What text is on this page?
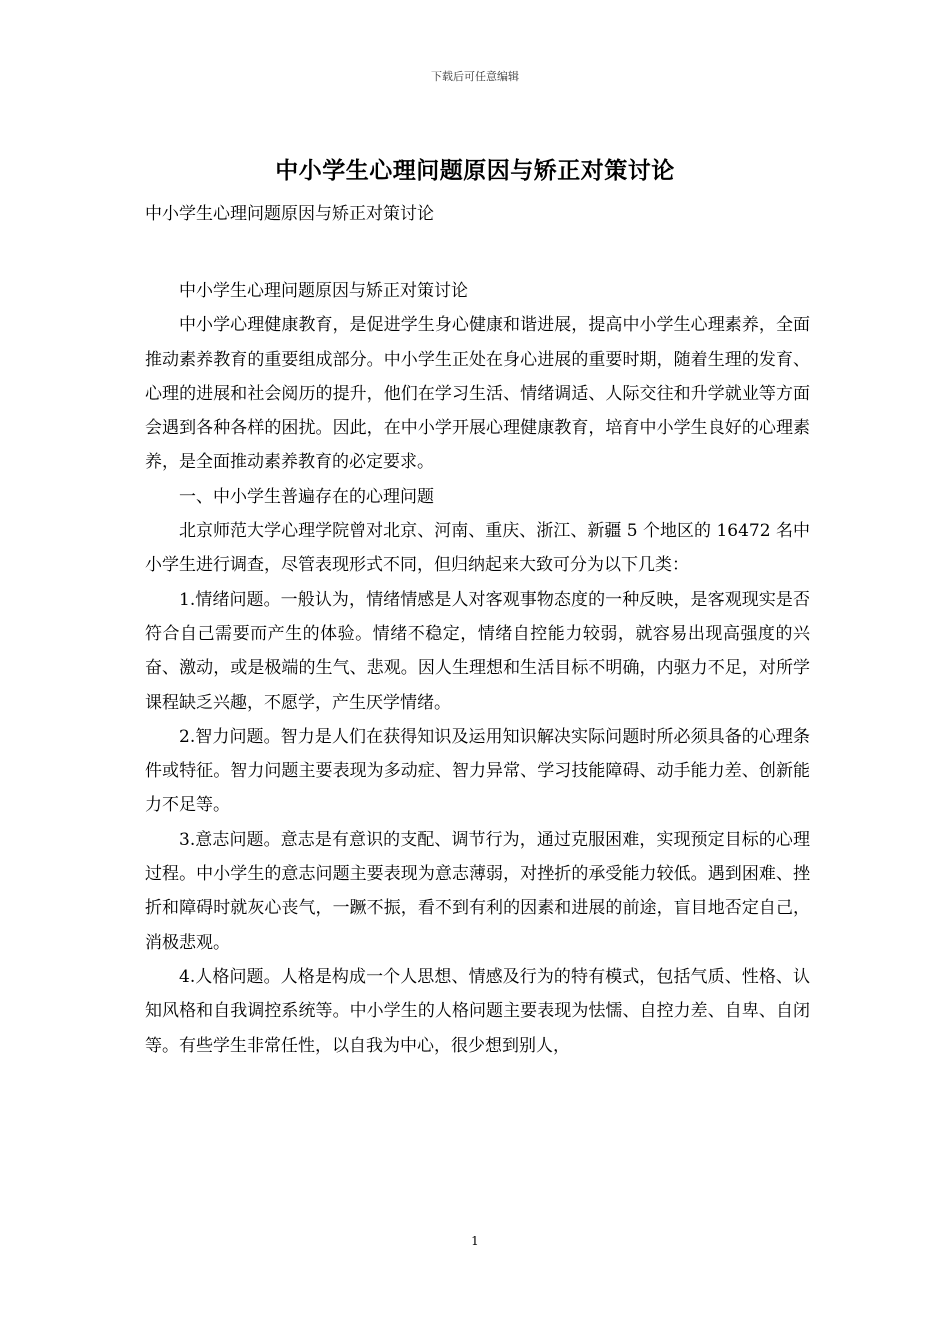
下载后可任意编辑
中小学生心理问题原因与矫正对策讨论
中小学生心理问题原因与矫正对策讨论

中小学生心理问题原因与矫正对策讨论

中小学心理健康教育，是促进学生身心健康和谐进展，提高中小学生心理素养，全面推动素养教育的重要组成部分。中小学生正处在身心进展的重要时期，随着生理的发育、心理的进展和社会阅历的提升，他们在学习生活、情绪调适、人际交往和升学就业等方面会遇到各种各样的困扰。因此，在中小学开展心理健康教育，培育中小学生良好的心理素养，是全面推动素养教育的必定要求。

一、中小学生普遍存在的心理问题

北京师范大学心理学院曾对北京、河南、重庆、浙江、新疆 5 个地区的 16472 名中小学生进行调查，尽管表现形式不同，但归纳起来大致可分为以下几类：

1.情绪问题。一般认为，情绪情感是人对客观事物态度的一种反映，是客观现实是否符合自己需要而产生的体验。情绪不稳定，情绪自控能力较弱，就容易出现高强度的兴奋、激动，或是极端的生气、悲观。因人生理想和生活目标不明确，内驱力不足，对所学课程缺乏兴趣，不愿学，产生厌学情绪。

2.智力问题。智力是人们在获得知识及运用知识解决实际问题时所必须具备的心理条件或特征。智力问题主要表现为多动症、智力异常、学习技能障碍、动手能力差、创新能力不足等。

3.意志问题。意志是有意识的支配、调节行为，通过克服困难，实现预定目标的心理过程。中小学生的意志问题主要表现为意志薄弱，对挫折的承受能力较低。遇到困难、挫折和障碍时就灰心丧气，一蹶不振，看不到有利的因素和进展的前途，盲目地否定自己，消极悲观。

4.人格问题。人格是构成一个人思想、情感及行为的特有模式，包括气质、性格、认知风格和自我调控系统等。中小学生的人格问题主要表现为怯懦、自控力差、自卑、自闭等。有些学生非常任性，以自我为中心，很少想到别人，

1
